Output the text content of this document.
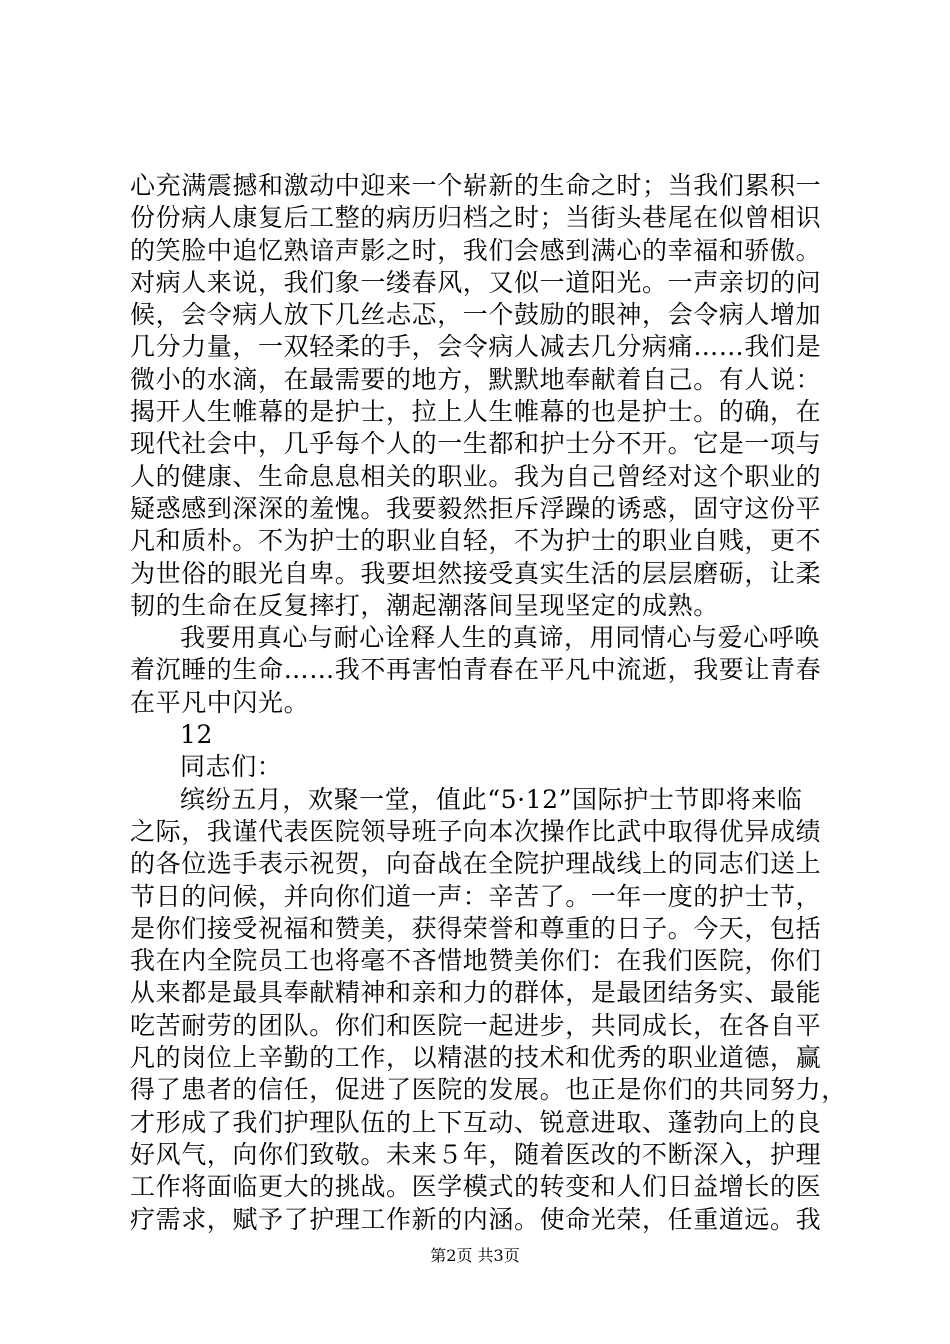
心充满震撼和激动中迎来一个崭新的生命之时；当我们累积一
份份病人康复后工整的病历归档之时；当街头巷尾在似曾相识
的笑脸中追忆熟谙声影之时，我们会感到满心的幸福和骄傲。
对病人来说，我们象一缕春风，又似一道阳光。一声亲切的问
候，会令病人放下几丝忐忑，一个鼓励的眼神，会令病人增加
几分力量，一双轻柔的手，会令病人减去几分病痛……我们是
微小的水滴，在最需要的地方，默默地奉献着自己。有人说：
揭开人生帷幕的是护士，拉上人生帷幕的也是护士。的确，在
现代社会中，几乎每个人的一生都和护士分不开。它是一项与
人的健康、生命息息相关的职业。我为自己曾经对这个职业的
疑惑感到深深的羞愧。我要毅然拒斥浮躁的诱惑，固守这份平
凡和质朴。不为护士的职业自轻，不为护士的职业自贱，更不
为世俗的眼光自卑。我要坦然接受真实生活的层层磨砺，让柔
韧的生命在反复摔打，潮起潮落间呈现坚定的成熟。
我要用真心与耐心诠释人生的真谛，用同情心与爱心呼唤
着沉睡的生命……我不再害怕青春在平凡中流逝，我要让青春
在平凡中闪光。
12
同志们：
缤纷五月，欢聚一堂，值此“5·12”国际护士节即将来临
之际，我谨代表医院领导班子向本次操作比武中取得优异成绩
的各位选手表示祝贺，向奋战在全院护理战线上的同志们送上
节日的问候，并向你们道一声：辛苦了。一年一度的护士节，
是你们接受祝福和赞美，获得荣誉和尊重的日子。今天，包括
我在内全院员工也将毫不吝惜地赞美你们：在我们医院，你们
从来都是最具奉献精神和亲和力的群体，是最团结务实、最能
吃苦耐劳的团队。你们和医院一起进步，共同成长，在各自平
凡的岗位上辛勤的工作，以精湛的技术和优秀的职业道德，赢
得了患者的信任，促进了医院的发展。也正是你们的共同努力，
才形成了我们护理队伍的上下互动、锐意进取、蓬勃向上的良
好风气，向你们致敬。未来５年，随着医改的不断深入，护理
工作将面临更大的挑战。医学模式的转变和人们日益增长的医
疗需求，赋予了护理工作新的内涵。使命光荣，任重道远。我
第2页 共3页
